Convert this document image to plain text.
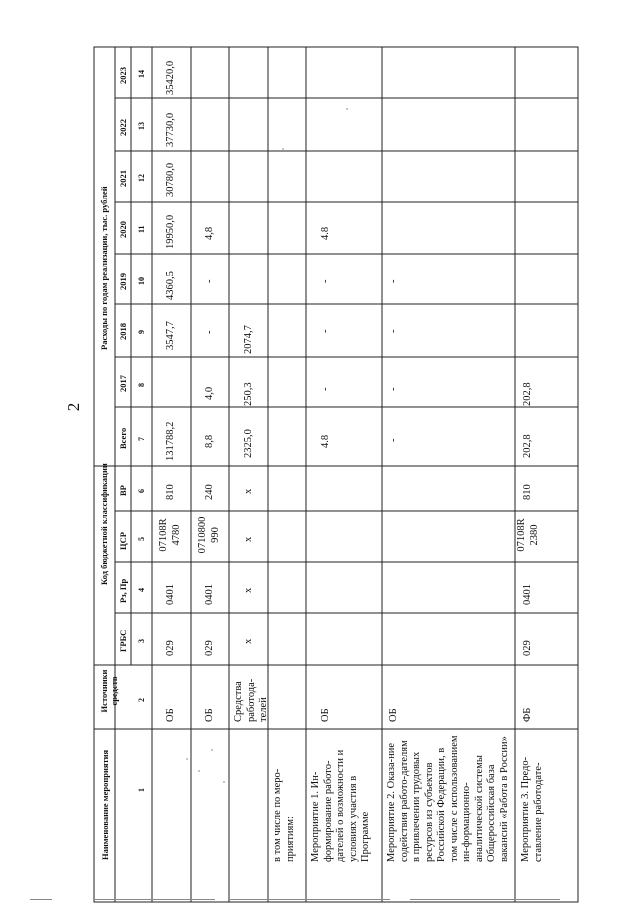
2
Наименование мероприятия
Источники средств
Код бюджетной классификации
Расходы по годам реализации, тыс. рублей
ГРБС
Рз, Пр
ЦСР
ВР
Всего
2017
2018
2019
2020
2021
2022
2023
1
2
3
4
5
6
7
8
9
10
11
12
13
14
ОБ
029
0401
07108R 4780
810
131788,2
3547,7
4360,5
19950,0
30780,0
37730,0
35420,0
ОБ
029
0401
0710800 990
240
8,8
4,0
-
-
4,8
Средства работода-телей
x
x
x
x
2325,0
250,3
2074,7
в том числе по меро-приятиям: Мероприятие 1. Ин-формирование работо-дателей о возможности и условиях участия в Программе
ОБ
4.8
-
-
-
4.8
Мероприятие 2. Оказа-ние содействия работо-дателям в привлечении трудовых ресурсов из субъектов Российской Федерации, в том числе с использованием ин-формационно-аналитической системы Общероссийская база вакансий «Работа в России»
ОБ
-
-
-
-
Мероприятие 3. Предо-ставление работодате-
ФБ
029
0401
07108R 2380
810
202,8
202,8
